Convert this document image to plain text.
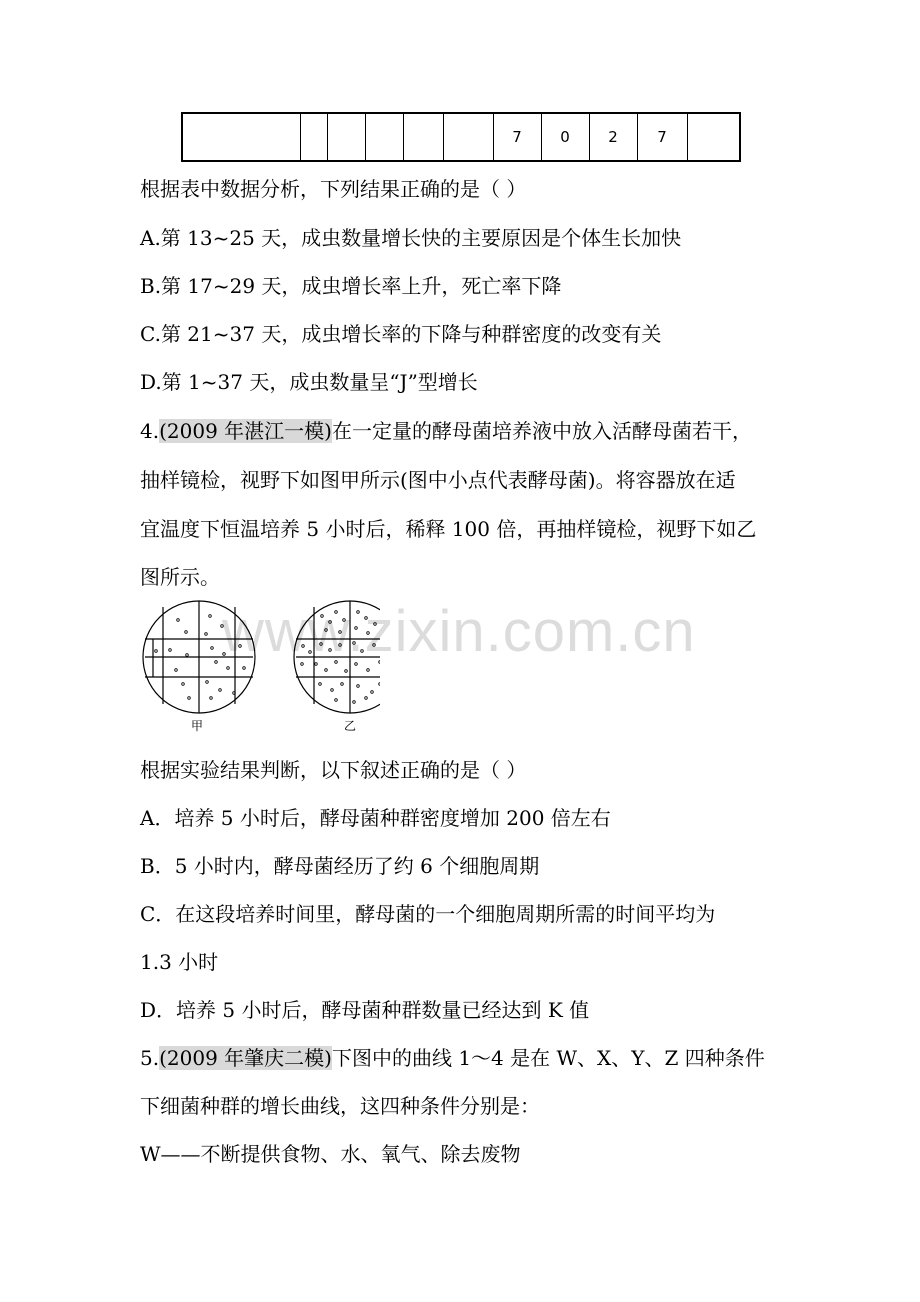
						7	0	2	7	
根据表中数据分析，下列结果正确的是（ ）
A.第 13~25 天，成虫数量增长快的主要原因是个体生长加快
B.第 17~29 天，成虫增长率上升，死亡率下降
C.第 21~37 天，成虫增长率的下降与种群密度的改变有关
D.第 1~37 天，成虫数量呈“J”型增长
4.(2009 年湛江一模)在一定量的酵母菌培养液中放入活酵母菌若干，
抽样镜检，视野下如图甲所示(图中小点代表酵母菌)。将容器放在适
宜温度下恒温培养 5 小时后，稀释 100 倍，再抽样镜检，视野下如乙
图所示。
www.zixin.com.cn
甲	乙
根据实验结果判断，以下叙述正确的是（ ）
A．培养 5 小时后，酵母菌种群密度增加 200 倍左右
B．5 小时内，酵母菌经历了约 6 个细胞周期
C．在这段培养时间里，酵母菌的一个细胞周期所需的时间平均为
1.3 小时
D．培养 5 小时后，酵母菌种群数量已经达到 K 值
5.(2009 年肇庆二模)下图中的曲线 1～4 是在 W、X、Y、Z 四种条件
下细菌种群的增长曲线，这四种条件分别是：
W——不断提供食物、水、氧气、除去废物
